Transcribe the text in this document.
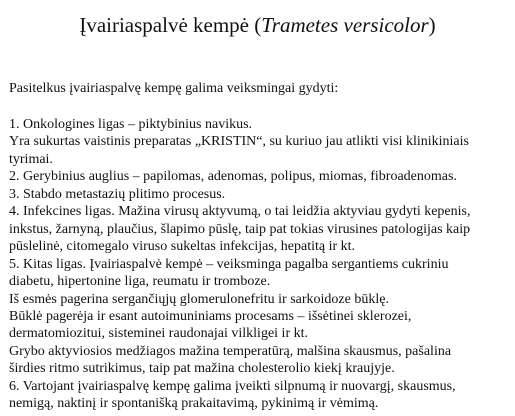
Įvairiaspalvė kempė (Trametes versicolor)
Pasitelkus įvairiaspalvę kempę galima veiksmingai gydyti:
1. Onkologines ligas – piktybinius navikus.
Yra sukurtas vaistinis preparatas „KRISTIN“, su kuriuo jau atlikti visi klinikiniais
tyrimai.
2. Gerybinius auglius – papilomas, adenomas, polipus, miomas, fibroadenomas.
3. Stabdo metastazių plitimo procesus.
4. Infekcines ligas. Mažina virusų aktyvumą, o tai leidžia aktyviau gydyti kepenis,
inkstus, žarnyną, plaučius, šlapimo pūslę, taip pat tokias virusines patologijas kaip
pūslelinė, citomegalo viruso sukeltas infekcijas, hepatitą ir kt.
5. Kitas ligas. Įvairiaspalvė kempė – veiksminga pagalba sergantiems cukriniu
diabetu, hipertonine liga, reumatu ir tromboze.
Iš esmės pagerina sergančiųjų glomerulonefritu ir sarkoidoze būklę.
Būklė pagerėja ir esant autoimuniniams procesams – išsėtinei sklerozei,
dermatomiozitui, sisteminei raudonajai vilkligei ir kt.
Grybo aktyviosios medžiagos mažina temperatūrą, malšina skausmus, pašalina
širdies ritmo sutrikimus, taip pat mažina cholesterolio kiekį kraujyje.
6. Vartojant įvairiaspalvę kempę galima įveikti silpnumą ir nuovargį, skausmus,
nemigą, naktinį ir spontanišką prakaitavimą, pykinimą ir vėmimą.
